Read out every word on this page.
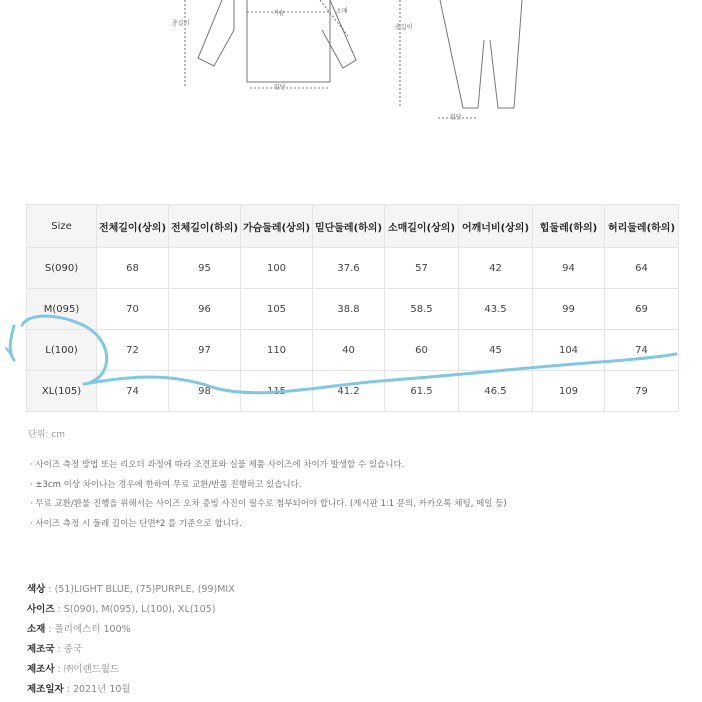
총길이
가슴	소매
밑단
총길이
밑단
Size	전체길이(상의)	전체길이(하의)	가슴둘레(상의)	밑단둘레(하의)	소매길이(상의)	어깨너비(상의)	힙둘레(하의)	허리둘레(하의)
S(090)	68	95	100	37.6	57	42	94	64
M(095)	70	96	105	38.8	58.5	43.5	99	69
L(100)	72	97	110	40	60	45	104	74
XL(105)	74	98	115	41.2	61.5	46.5	109	79
단위: cm
· 사이즈 측정 방법 또는 리오더 과정에 따라 조견표와 실물 제품 사이즈에 차이가 발생할 수 있습니다.
· ±3cm 이상 차이나는 경우에 한하여 무료 교환/반품 진행하고 있습니다.
· 무료 교환/환불 진행을 위해서는 사이즈 오차 증빙 사진이 필수로 첨부되어야 합니다. (게시판 1:1 문의, 카카오톡 채팅, 메일 등)
· 사이즈 측정 시 둘레 길이는 단면*2 를 기준으로 합니다.
색상 : (51)LIGHT BLUE, (75)PURPLE, (99)MIX
사이즈 : S(090), M(095), L(100), XL(105)
소재 : 폴리에스터 100%
제조국 : 중국
제조사 : ㈜이랜드월드
제조일자 : 2021년 10월
